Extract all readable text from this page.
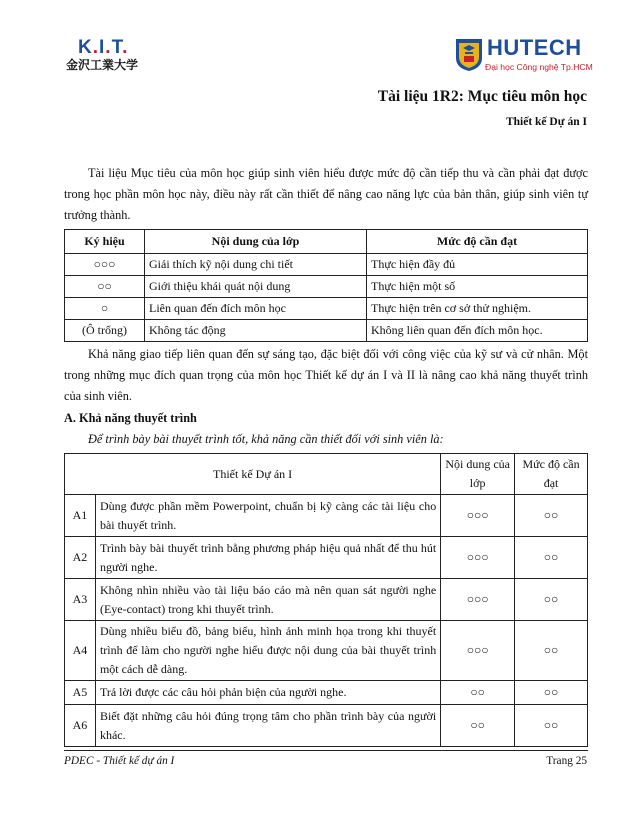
K.I.T.
金沢工業大学
HUTECH
Đại học Công nghệ Tp.HCM
Tài liệu 1R2: Mục tiêu môn học
Thiết kế Dự án I
Tài liệu Mục tiêu của môn học giúp sinh viên hiểu được mức độ cần tiếp thu và cần phải đạt được trong học phần môn học này, điều này rất cần thiết để nâng cao năng lực của bản thân, giúp sinh viên tự trưởng thành.
Ký hiệu	Nội dung của lớp	Mức độ cần đạt
○○○	Giải thích kỹ nội dung chi tiết	Thực hiện đầy đủ
○○	Giới thiệu khái quát nội dung	Thực hiện một số
○	Liên quan đến đích môn học	Thực hiện trên cơ sở thử nghiệm.
(Ô trống)	Không tác động	Không liên quan đến đích môn học.
Khả năng giao tiếp liên quan đến sự sáng tạo, đặc biệt đối với công việc của kỹ sư và cử nhân. Một trong những mục đích quan trọng của môn học Thiết kế dự án I và II là nâng cao khả năng thuyết trình của sinh viên.
A. Khả năng thuyết trình
Để trình bày bài thuyết trình tốt, khả năng cần thiết đối với sinh viên là:
Thiết kế Dự án I		Nội dung của lớp	Mức độ cần đạt
A1	Dùng được phần mềm Powerpoint, chuẩn bị kỹ càng các tài liệu cho bài thuyết trình.	○○○	○○
A2	Trình bày bài thuyết trình bằng phương pháp hiệu quả nhất để thu hút người nghe.	○○○	○○
A3	Không nhìn nhiều vào tài liệu báo cáo mà nên quan sát người nghe (Eye-contact) trong khi thuyết trình.	○○○	○○
A4	Dùng nhiều biểu đồ, bảng biểu, hình ảnh minh họa trong khi thuyết trình để làm cho người nghe hiểu được nội dung của bài thuyết trình một cách dễ dàng.	○○○	○○
A5	Trả lời được các câu hỏi phản biện của người nghe.	○○	○○
A6	Biết đặt những câu hỏi đúng trọng tâm cho phần trình bày của người khác.	○○	○○
PDEC - Thiết kế dự án I	Trang 25
